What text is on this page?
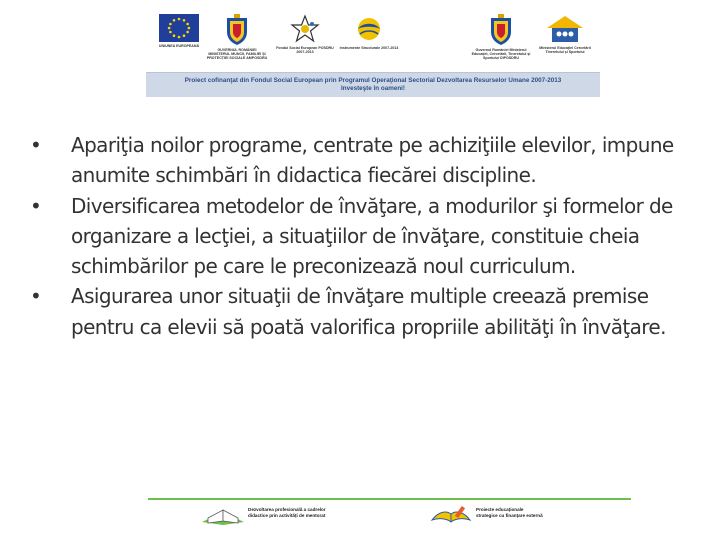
UNIUNEA EUROPEANĂ
GUVERNUL ROMÂNIEI MINISTERUL MUNCII, FAMILIEI ȘI PROTECȚIEI SOCIALE AMPOSDRU
Fondul Social European POSDRU 2007-2013
Instrumente Structurale 2007-2013	Guvernul României Ministerul Educației, Cercetării, Tineretului și Sportului OIPOSDRU
Ministerul Educației Cercetării Tineretului și Sportului
Proiect cofinanţat din Fondul Social European prin Programul Operaţional Sectorial Dezvoltarea Resurselor Umane 2007-2013
Investeşte în oameni!
• Apariţia noilor programe, centrate pe achiziţiile elevilor, impune anumite schimbări în didactica fiecărei discipline.
• Diversificarea metodelor de învăţare, a modurilor şi formelor de organizare a lecţiei, a situaţiilor de învăţare, constituie cheia schimbărilor pe care le preconizează noul curriculum.
• Asigurarea unor situaţii de învăţare multiple creează premise pentru ca elevii să poată valorifica propriile abilităţi în învăţare.
Dezvoltarea profesională a cadrelor
didactice prin activități de mentorat
Proiecte educaționale
strategice cu finanțare externă
